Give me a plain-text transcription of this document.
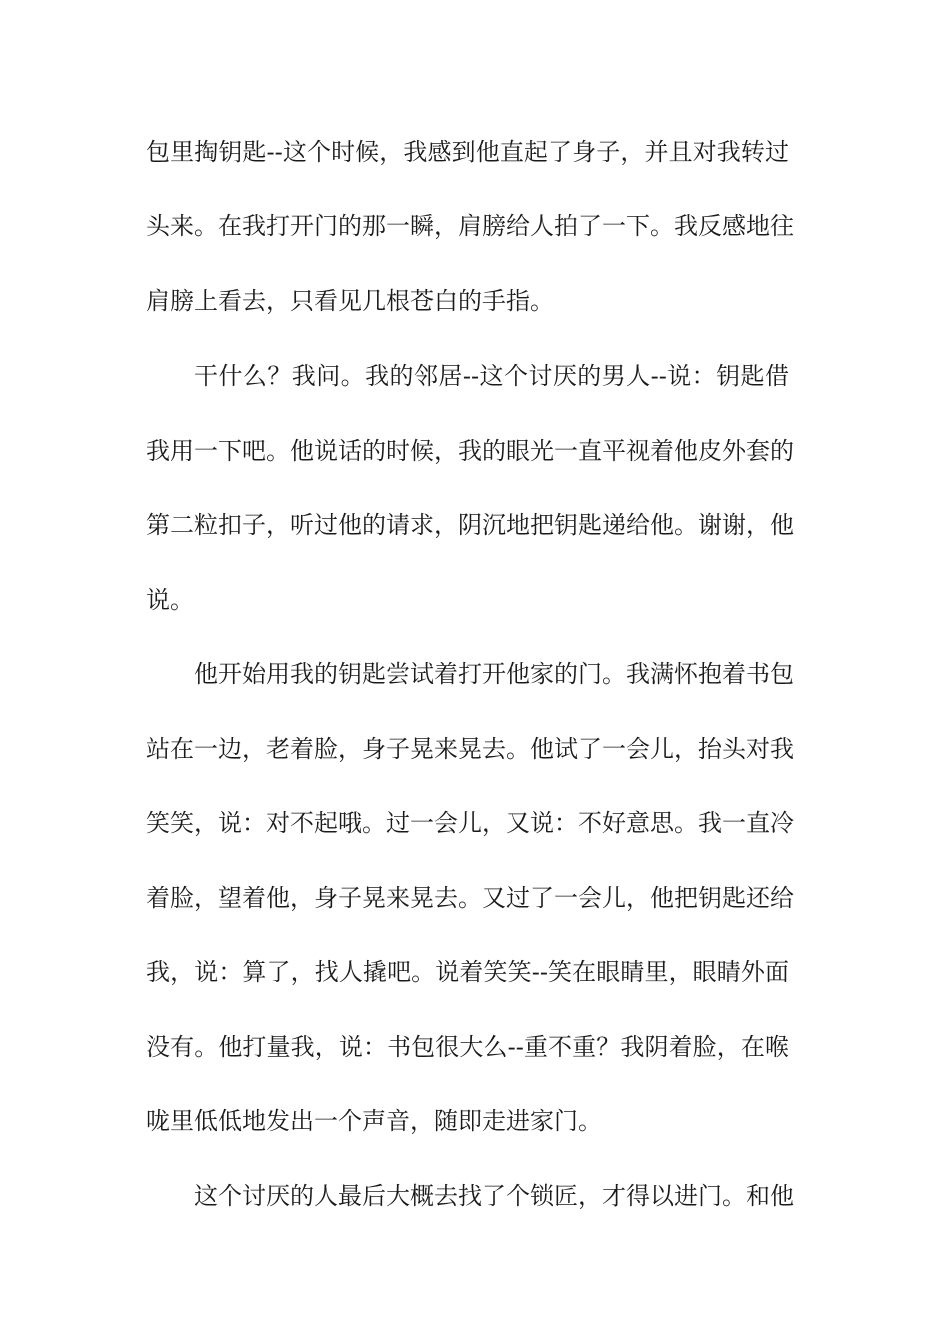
包里掏钥匙--这个时候，我感到他直起了身子，并且对我转过
头来。在我打开门的那一瞬，肩膀给人拍了一下。我反感地往
肩膀上看去，只看见几根苍白的手指。
干什么？我问。我的邻居--这个讨厌的男人--说：钥匙借
我用一下吧。他说话的时候，我的眼光一直平视着他皮外套的
第二粒扣子，听过他的请求，阴沉地把钥匙递给他。谢谢，他
说。
他开始用我的钥匙尝试着打开他家的门。我满怀抱着书包
站在一边，老着脸，身子晃来晃去。他试了一会儿，抬头对我
笑笑，说：对不起哦。过一会儿，又说：不好意思。我一直冷
着脸，望着他，身子晃来晃去。又过了一会儿，他把钥匙还给
我，说：算了，找人撬吧。说着笑笑--笑在眼睛里，眼睛外面
没有。他打量我，说：书包很大么--重不重？我阴着脸，在喉
咙里低低地发出一个声音，随即走进家门。
这个讨厌的人最后大概去找了个锁匠，才得以进门。和他
